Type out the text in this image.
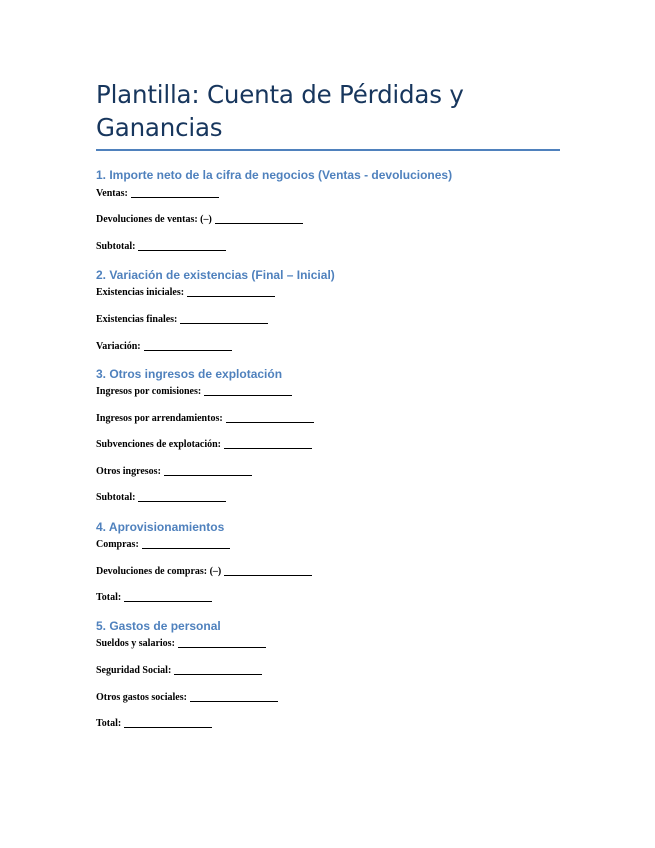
Plantilla: Cuenta de Pérdidas y
Ganancias
1. Importe neto de la cifra de negocios (Ventas - devoluciones)
Ventas:
Devoluciones de ventas: (–)
Subtotal:
2. Variación de existencias (Final – Inicial)
Existencias iniciales:
Existencias finales:
Variación:
3. Otros ingresos de explotación
Ingresos por comisiones:
Ingresos por arrendamientos:
Subvenciones de explotación:
Otros ingresos:
Subtotal:
4. Aprovisionamientos
Compras:
Devoluciones de compras: (–)
Total:
5. Gastos de personal
Sueldos y salarios:
Seguridad Social:
Otros gastos sociales:
Total:
